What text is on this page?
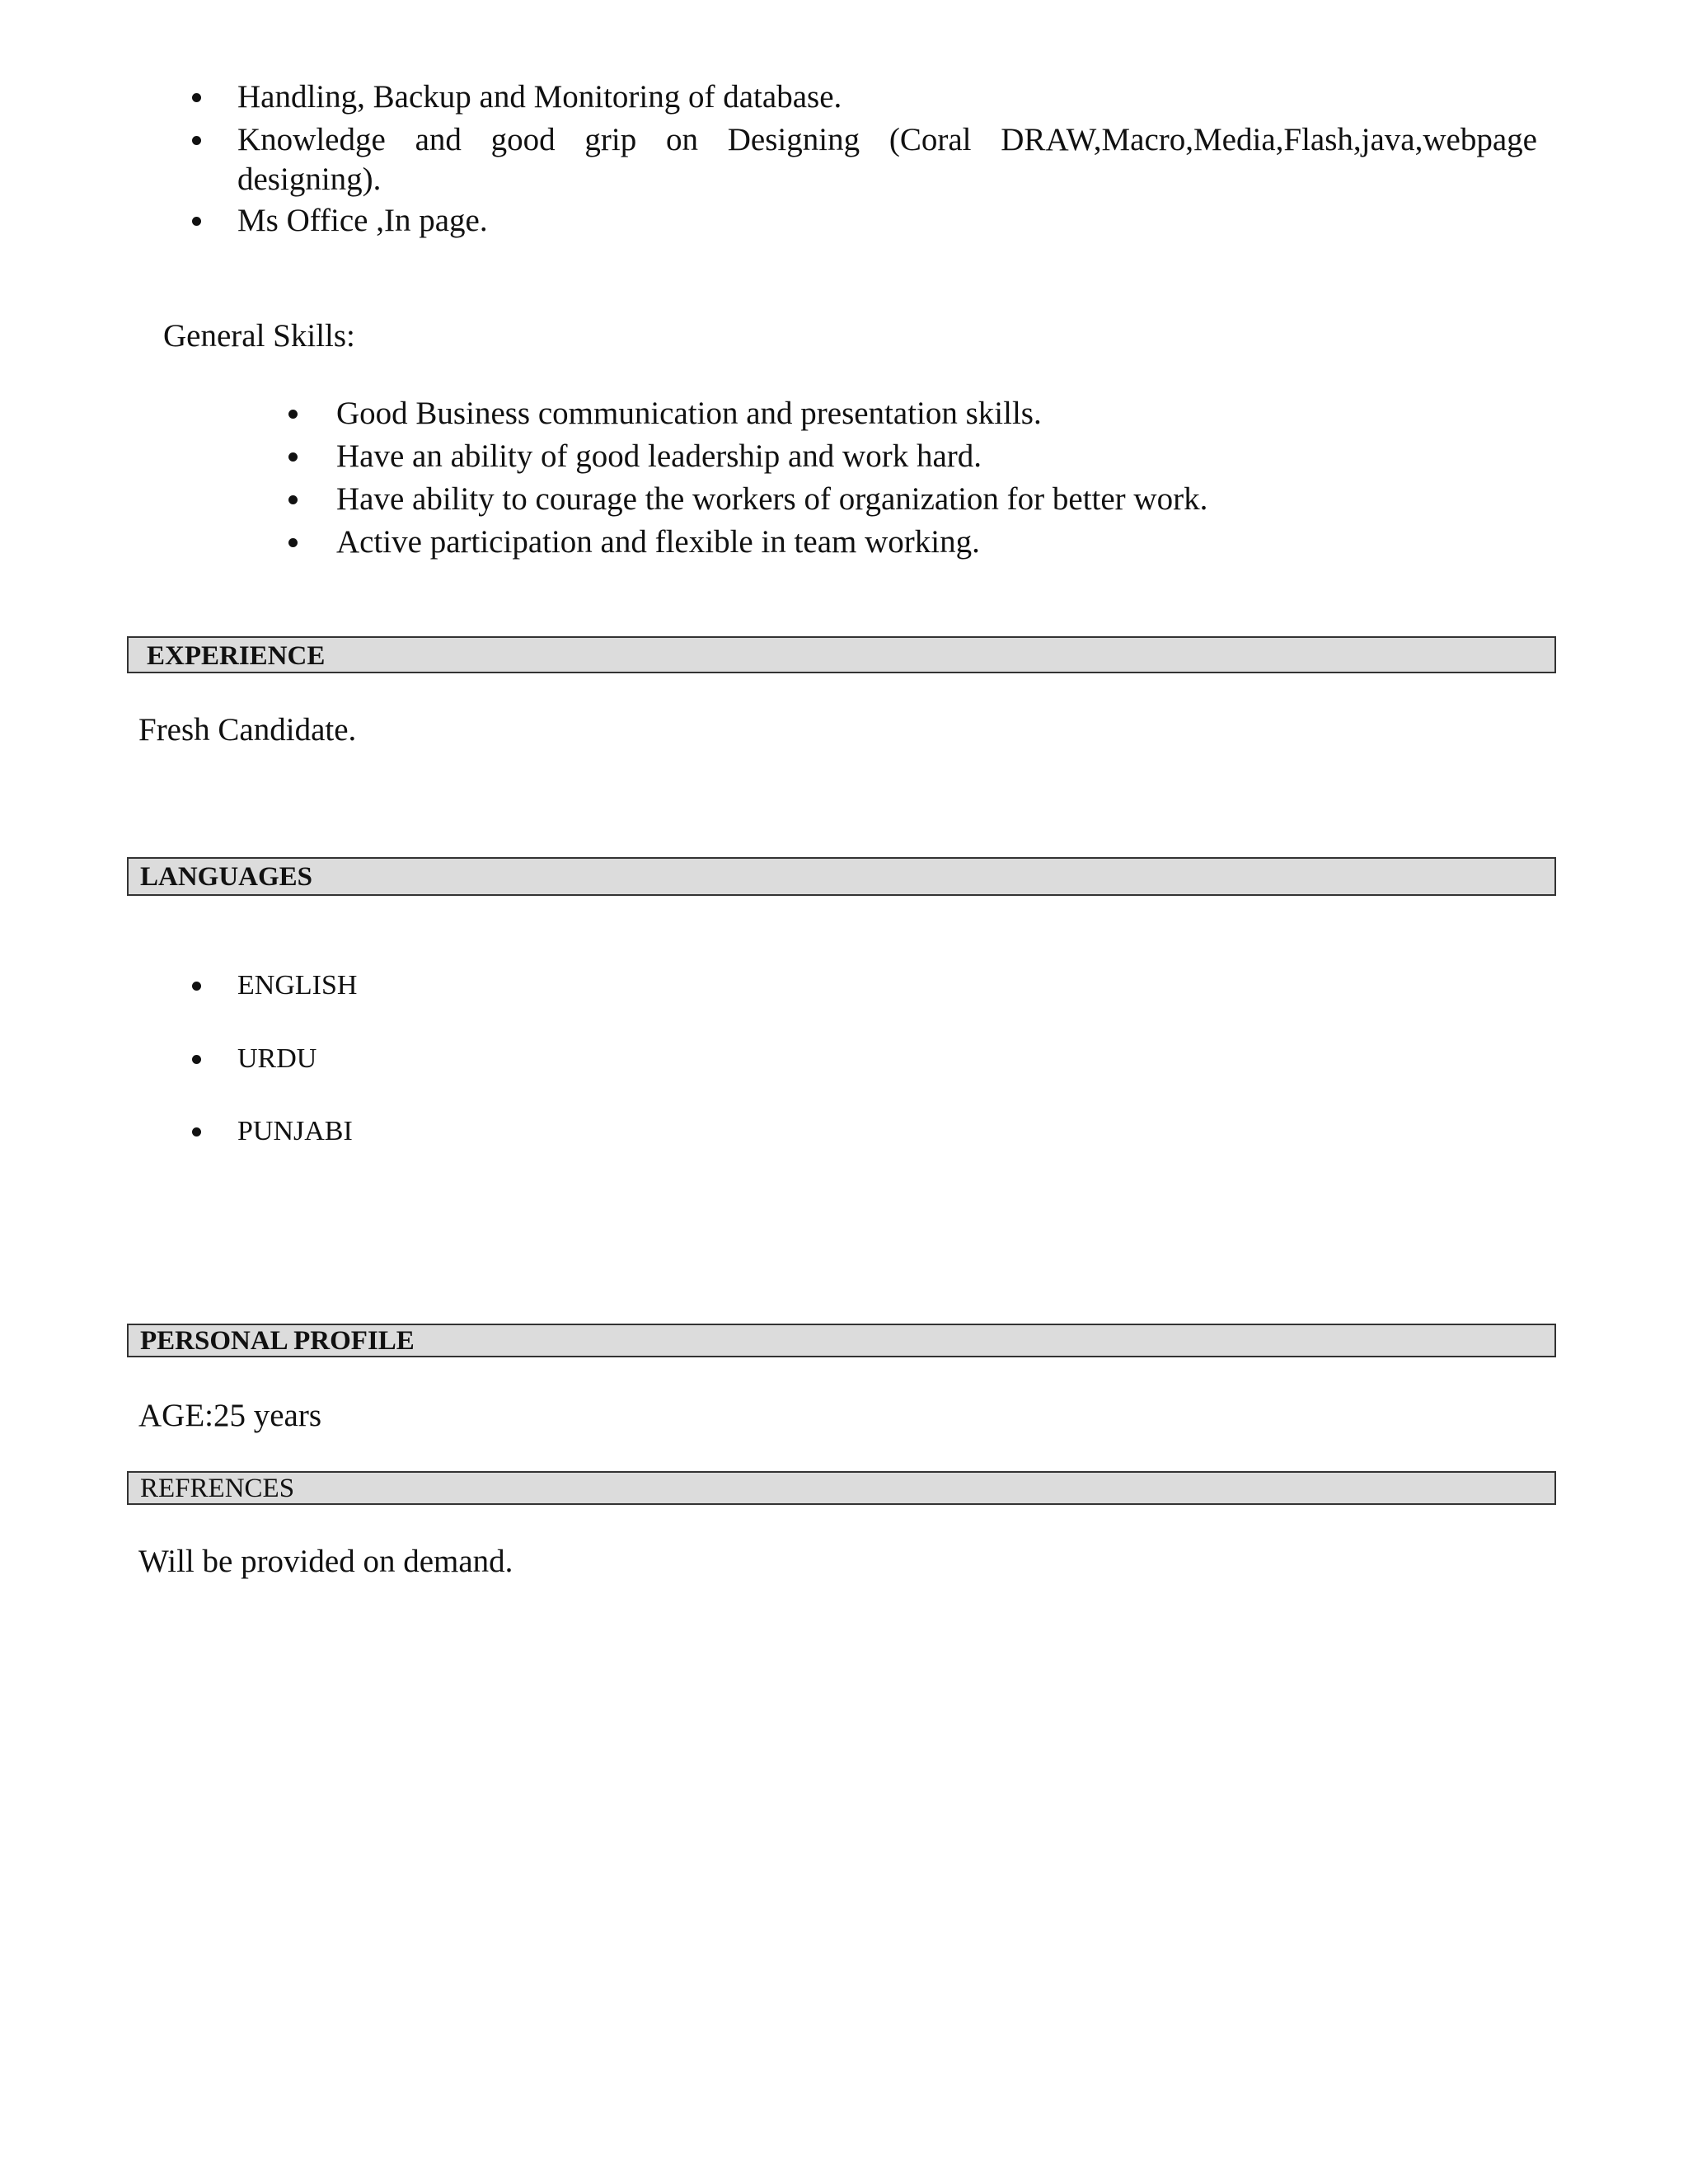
Handling, Backup and Monitoring of database.
Knowledge and good grip on Designing (Coral DRAW,Macro,Media,Flash,java,webpage
designing).
Ms Office ,In page.
General Skills:
Good Business communication and presentation skills.
Have an ability of good leadership and work hard.
Have ability to courage the workers of organization for better work.
Active participation and flexible in team working.
EXPERIENCE
Fresh Candidate.
LANGUAGES
ENGLISH
URDU
PUNJABI
PERSONAL PROFILE
AGE:25 years
REFRENCES
Will be provided on demand.
